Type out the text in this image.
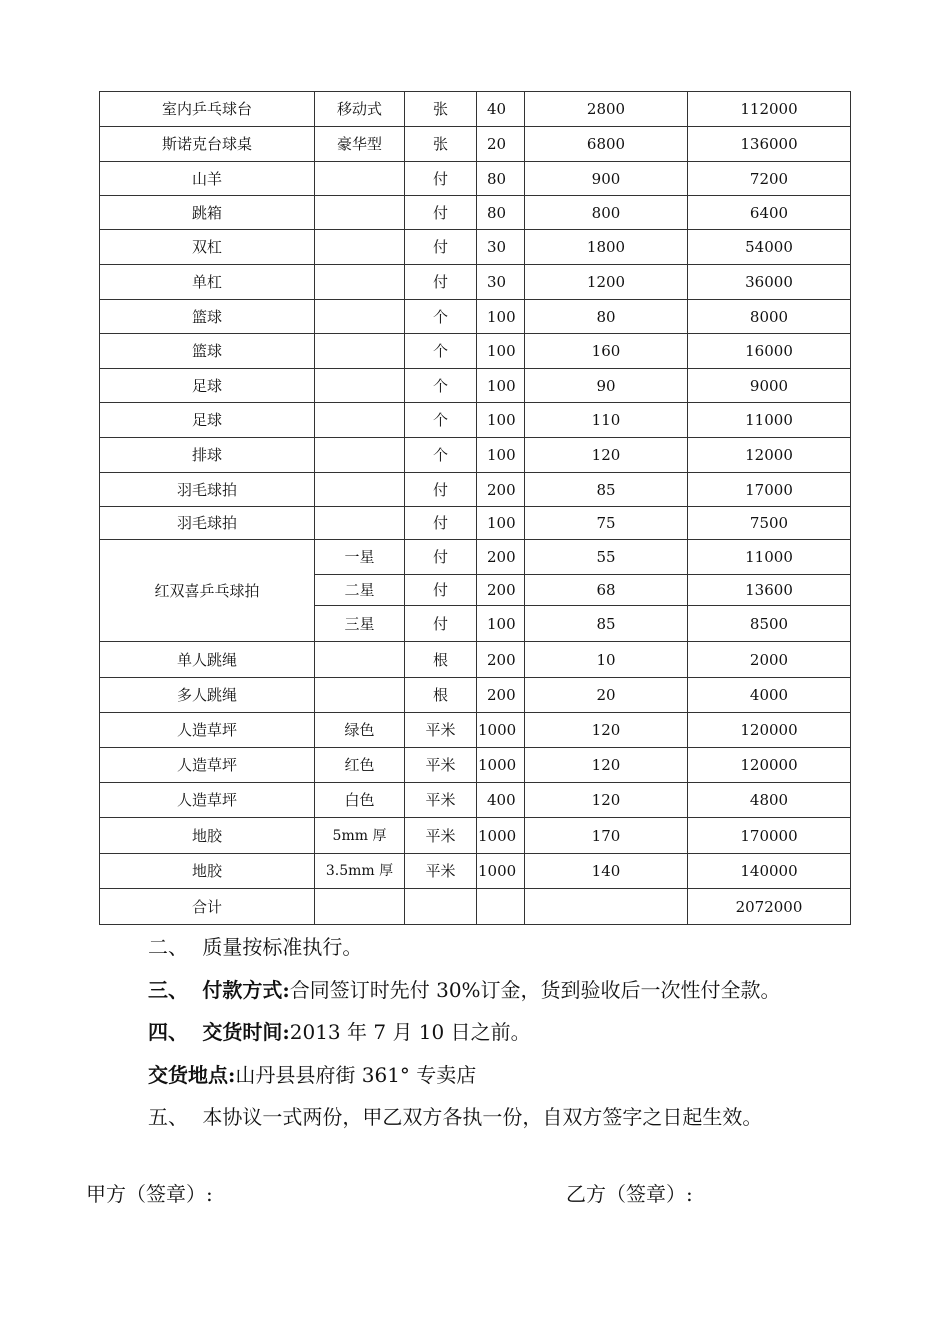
室内乒乓球台	移动式	张	40	2800	112000
斯诺克台球桌	豪华型	张	20	6800	136000
山羊		付	80	900	7200
跳箱		付	80	800	6400
双杠		付	30	1800	54000
单杠		付	30	1200	36000
篮球		个	100	80	8000
篮球		个	100	160	16000
足球		个	100	90	9000
足球		个	100	110	11000
排球		个	100	120	12000
羽毛球拍		付	200	85	17000
羽毛球拍		付	100	75	7500
红双喜乒乓球拍	一星	付	200	55	11000
	二星	付	200	68	13600
	三星	付	100	85	8500
单人跳绳		根	200	10	2000
多人跳绳		根	200	20	4000
人造草坪	绿色	平米	1000	120	120000
人造草坪	红色	平米	1000	120	120000
人造草坪	白色	平米	400	120	4800
地胶	5mm 厚	平米	1000	170	170000
地胶	3.5mm 厚	平米	1000	140	140000
合计					2072000
二、 质量按标准执行。
三、 付款方式:合同签订时先付 30%订金，货到验收后一次性付全款。
四、 交货时间:2013 年 7 月 10 日之前。
交货地点:山丹县县府街 361° 专卖店
五、 本协议一式两份，甲乙双方各执一份，自双方签字之日起生效。
甲方（签章）:	乙方（签章）:
